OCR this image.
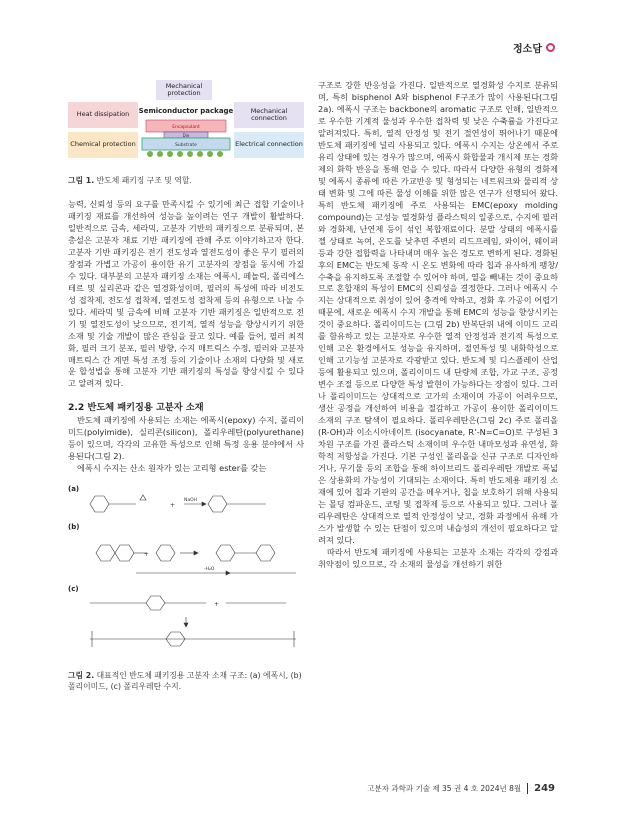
정소담
Mechanical protection
Heat dissipation
Chemical protection
Mechanical connection
Electrical connection
Semiconductor package
Encapsulant
Die
Substrate

그림 1. 반도체 패키징 구조 및 역할.

능력, 신뢰성 등의 요구를 만족시킬 수 있기에 최근 접합 기술이나 패키징 재료를 개선하여 성능을 높이려는 연구 개발이 활발하다. 일반적으로 금속, 세라믹, 고분자 기반의 패키징으로 분류되며, 본 총설은 고분자 재료 기반 패키징에 관해 주로 이야기하고자 한다. 고분자 기반 패키징은 전기 전도성과 열전도성이 좋은 무기 필러의 장점과 가볍고 가공이 용이한 유기 고분자의 장점을 동시에 가질 수 있다. 대부분의 고분자 패키징 소재는 에폭시, 페놀릭, 폴리에스테르 및 실리콘과 같은 열경화성이며, 필러의 특성에 따라 비전도성 접착제, 전도성 접착제, 열전도성 접착제 등의 유형으로 나눌 수 있다. 세라믹 및 금속에 비해 고분자 기반 패키징은 일반적으로 전기 및 열전도성이 낮으므로, 전기적, 열적 성능을 향상시키기 위한 소재 및 기술 개발이 많은 관심을 끌고 있다. 예를 들어, 필러 최적화, 필러 크기 분포, 필러 방향, 수지 매트릭스 수정, 필러와 고분자 매트릭스 간 계면 특성 조정 등의 기술이나 소재의 다양화 및 새로운 합성법을 통해 고분자 기반 패키징의 특성을 향상시킬 수 있다고 알려져 있다.

2.2 반도체 패키징용 고분자 소재

반도체 패키징에 사용되는 소재는 에폭시(epoxy) 수지, 폴리이미드(polyimide), 실리콘(silicon), 폴리우레탄(polyurethane) 등이 있으며, 각각의 고유한 특성으로 인해 특정 응용 분야에서 사용된다(그림 2).

에폭시 수지는 산소 원자가 있는 고리형 ester를 갖는

(a)
+
NaOH
(b)
+
-H₂O
(c)
+

그림 2. 대표적인 반도체 패키징용 고분자 소재 구조: (a) 에폭시, (b) 폴리이미드, (c) 폴리우레탄 수지.

구조로 강한 반응성을 가진다. 일반적으로 열경화성 수지로 분류되며, 특히 bisphenol A와 bisphenol F구조가 많이 사용된다(그림 2a). 에폭시 구조는 backbone의 aromatic 구조로 인해, 일반적으로 우수한 기계적 물성과 우수한 접착력 및 낮은 수축률을 가진다고 알려져있다. 특히, 열적 안정성 및 전기 절연성이 뛰어나기 때문에 반도체 패키징에 널리 사용되고 있다. 에폭시 수지는 상온에서 주로 유리 상태에 있는 경우가 많으며, 에폭시 화합물과 개시제 또는 경화제의 화학 반응을 통해 얻을 수 있다. 따라서 다양한 유형의 경화제 및 에폭시 종류에 따른 가교반응 및 형성되는 네트워크와 물리적 상태 변화 및 그에 따른 물성 이해를 위한 많은 연구가 선행되어 왔다. 특히 반도체 패키징에 주로 사용되는 EMC(epoxy molding compound)는 고성능 열경화성 플라스틱의 일종으로, 수지에 필러와 경화제, 난연제 등이 섞인 복합재료이다. 분말 상태의 에폭시를 젤 상태로 녹여, 온도를 낮추면 주변의 리드프레임, 와이어, 웨이퍼 등과 강한 접합력을 나타내며 매우 높은 경도로 변하게 된다. 경화된 후의 EMC는 반도체 동작 시 온도 변화에 따라 칩과 유사하게 팽창/수축을 유지하도록 조절할 수 있어야 하며, 열을 빼내는 것이 중요하므로 혼합재의 특성이 EMC의 신뢰성을 결정한다. 그러나 에폭시 수지는 상대적으로 취성이 있어 충격에 약하고, 경화 후 가공이 어렵기 때문에, 새로운 에폭시 수지 개발을 통해 EMC의 성능을 향상시키는 것이 중요하다. 폴리이미드는 (그림 2b) 반복단위 내에 이미드 고리를 함유하고 있는 고분자로 우수한 열적 안정성과 전기적 특성으로 인해 고온 환경에서도 성능을 유지하며, 절연특성 및 내화학성으로 인해 고기능성 고분자로 각광받고 있다. 반도체 및 디스플레이 산업 등에 활용되고 있으며, 폴리이미드 내 단량체 조합, 가교 구조, 공정 변수 조절 등으로 다양한 특성 발현이 가능하다는 장점이 있다. 그러나 폴리이미드는 상대적으로 고가의 소재이며 가공이 어려우므로, 생산 공정을 개선하여 비용을 절감하고 가공이 용이한 폴리이미드 소재의 구조 탐색이 필요하다. 폴리우레탄은(그림 2c) 주로 폴리올(R-OH)과 이소시아네이트 (isocyanate, R’-N=C=O)로 구성된 3차원 구조를 가진 플라스틱 소재이며 우수한 내마모성과 유연성, 화학적 저항성을 가진다. 기본 구성인 폴리올을 신규 구조로 디자인하거나, 무기물 등의 조합을 통해 하이브리드 폴리우레탄 개발로 폭넓은 상용화의 가능성이 기대되는 소재이다. 특히 반도체용 패키징 소재에 있어 칩과 기판의 공간을 메우거나, 칩을 보호하기 위해 사용되는 몰딩 컴파운드, 코팅 및 접착제 등으로 사용되고 있다. 그러나 폴리우레탄은 상대적으로 열적 안정성이 낮고, 경화 과정에서 유해 가스가 발생할 수 있는 단점이 있으며 내습성의 개선이 필요하다고 알려져 있다.

따라서 반도체 패키징에 사용되는 고분자 소재는 각각의 강점과 취약점이 있으므로, 각 소재의 물성을 개선하기 위한

고분자 과학과 기술 제 35 권 4 호 2024년 8월	249
